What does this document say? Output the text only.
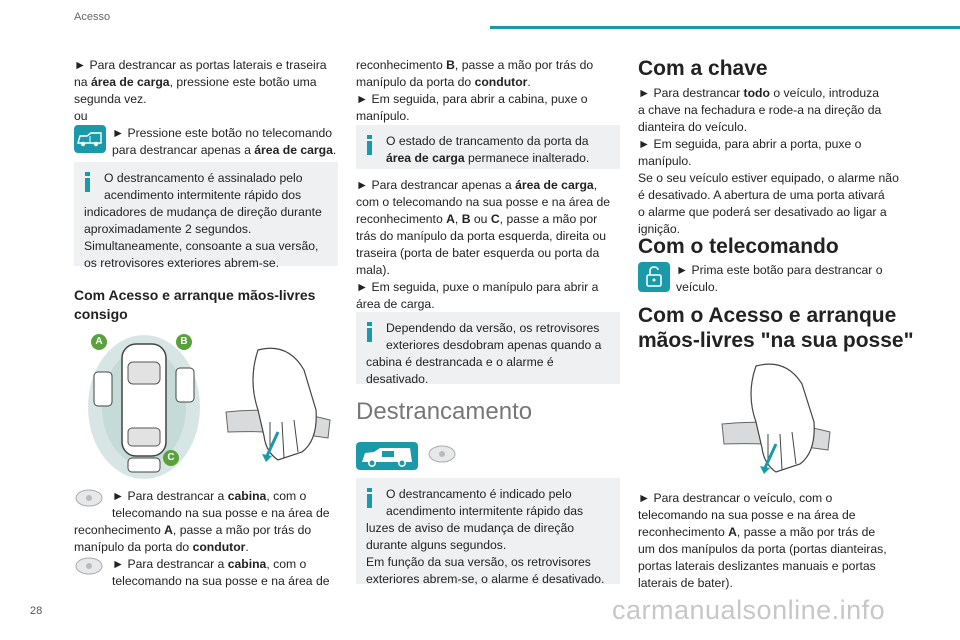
Acesso

► Para destrancar as portas laterais e traseira

na área de carga, pressione este botão uma

segunda vez.

ou

► Pressione este botão no telecomando

para destrancar apenas a área de carga.

O destrancamento é assinalado pelo

acendimento intermitente rápido dos

indicadores de mudança de direção durante

aproximadamente 2 segundos.

Simultaneamente, consoante a sua versão,

os retrovisores exteriores abrem-se.

Com Acesso e arranque mãos-livres
consigo
A	B
C

► Para destrancar a cabina, com o

telecomando na sua posse e na área de

reconhecimento A, passe a mão por trás do

manípulo da porta do condutor.

► Para destrancar a cabina, com o

telecomando na sua posse e na área de

reconhecimento B, passe a mão por trás do

manípulo da porta do condutor.

► Em seguida, para abrir a cabina, puxe o

manípulo.

O estado de trancamento da porta da

área de carga permanece inalterado.

► Para destrancar apenas a área de carga,

com o telecomando na sua posse e na área de

reconhecimento A, B ou C, passe a mão por

trás do manípulo da porta esquerda, direita ou

traseira (porta de bater esquerda ou porta da

mala).

► Em seguida, puxe o manípulo para abrir a

área de carga.

Dependendo da versão, os retrovisores

exteriores desdobram apenas quando a

cabina é destrancada e o alarme é

desativado.

Destrancamento

O destrancamento é indicado pelo

acendimento intermitente rápido das

luzes de aviso de mudança de direção

durante alguns segundos.

Em função da sua versão, os retrovisores

exteriores abrem-se, o alarme é desativado.

Com a chave

► Para destrancar todo o veículo, introduza

a chave na fechadura e rode-a na direção da

dianteira do veículo.

► Em seguida, para abrir a porta, puxe o

manípulo.

Se o seu veículo estiver equipado, o alarme não

é desativado. A abertura de uma porta ativará

o alarme que poderá ser desativado ao ligar a

ignição.

Com o telecomando

► Prima este botão para destrancar o

veículo.

Com o Acesso e arranque
mãos-livres "na sua posse"

► Para destrancar o veículo, com o

telecomando na sua posse e na área de

reconhecimento A, passe a mão por trás de

um dos manípulos da porta (portas dianteiras,

portas laterais deslizantes manuais e portas

laterais de bater).

28	carmanualsonline.info
